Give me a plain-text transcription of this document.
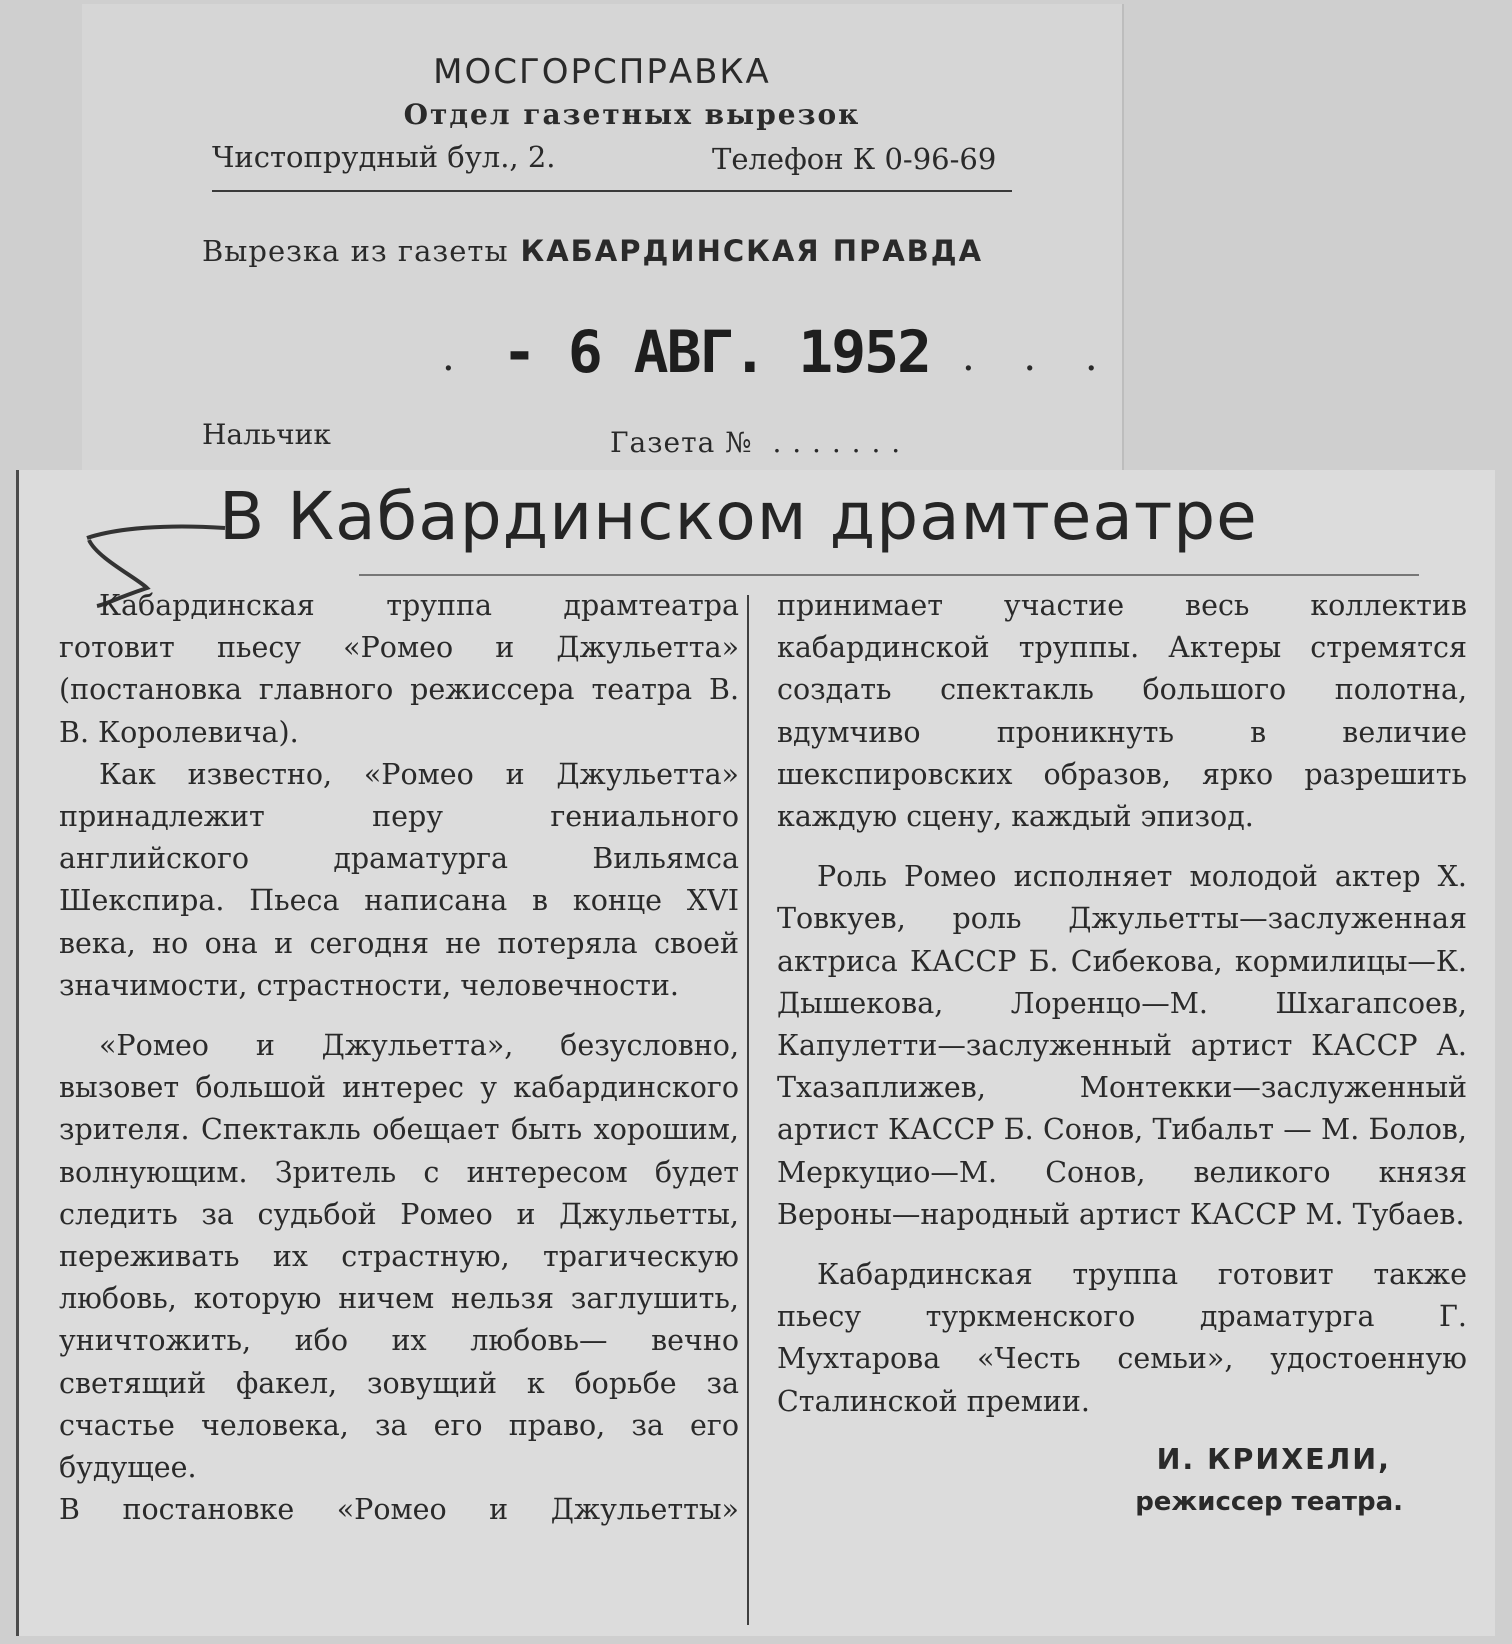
МОСГОРСПРАВКА
Отдел газетных вырезок
Чистопрудный бул., 2.	Телефон К 0-96-69
Вырезка из газеты КАБАРДИНСКАЯ ПРАВДА
. - 6 АВГ. 1952 . . .
Нальчик	Газета №  . . . . . . .
В Кабардинском драмтеатре

Кабардинская труппа драмтеатра готовит пьесу «Ромео и Джульетта» (постановка главного режиссера театра В. В. Королевича).

Как известно, «Ромео и Джульетта» принадлежит перу гениального английского драматурга Вильямса Шекспира. Пьеса написана в конце XVI века, но она и сегодня не потеряла своей значимости, страстности, человечности.

«Ромео и Джульетта», безусловно, вызовет большой интерес у кабардинского зрителя. Спектакль обещает быть хорошим, волнующим. Зритель с интересом будет следить за судьбой Ромео и Джульетты, переживать их страстную, трагическую любовь, которую ничем нельзя заглушить, уничтожить, ибо их любовь— вечно светящий факел, зовущий к борьбе за счастье человека, за его право, за его будущее.

В постановке «Ромео и Джульетты»

принимает участие весь коллектив кабардинской труппы. Актеры стремятся создать спектакль большого полотна, вдумчиво проникнуть в величие шекспировских образов, ярко разрешить каждую сцену, каждый эпизод.

Роль Ромео исполняет молодой актер Х. Товкуев, роль Джульетты—заслуженная актриса КАССР Б. Сибекова, кормилицы—К. Дышекова, Лоренцо—М. Шхагапсоев, Капулетти—заслуженный артист КАССР А. Тхазаплижев, Монтекки—заслуженный артист КАССР Б. Сонов, Тибальт — М. Болов, Меркуцио—М. Сонов, великого князя Вероны—народный артист КАССР М. Тубаев.

Кабардинская труппа готовит также пьесу туркменского драматурга Г. Мухтарова «Честь семьи», удостоенную Сталинской премии.

И. КРИХЕЛИ,
режиссер театра.
